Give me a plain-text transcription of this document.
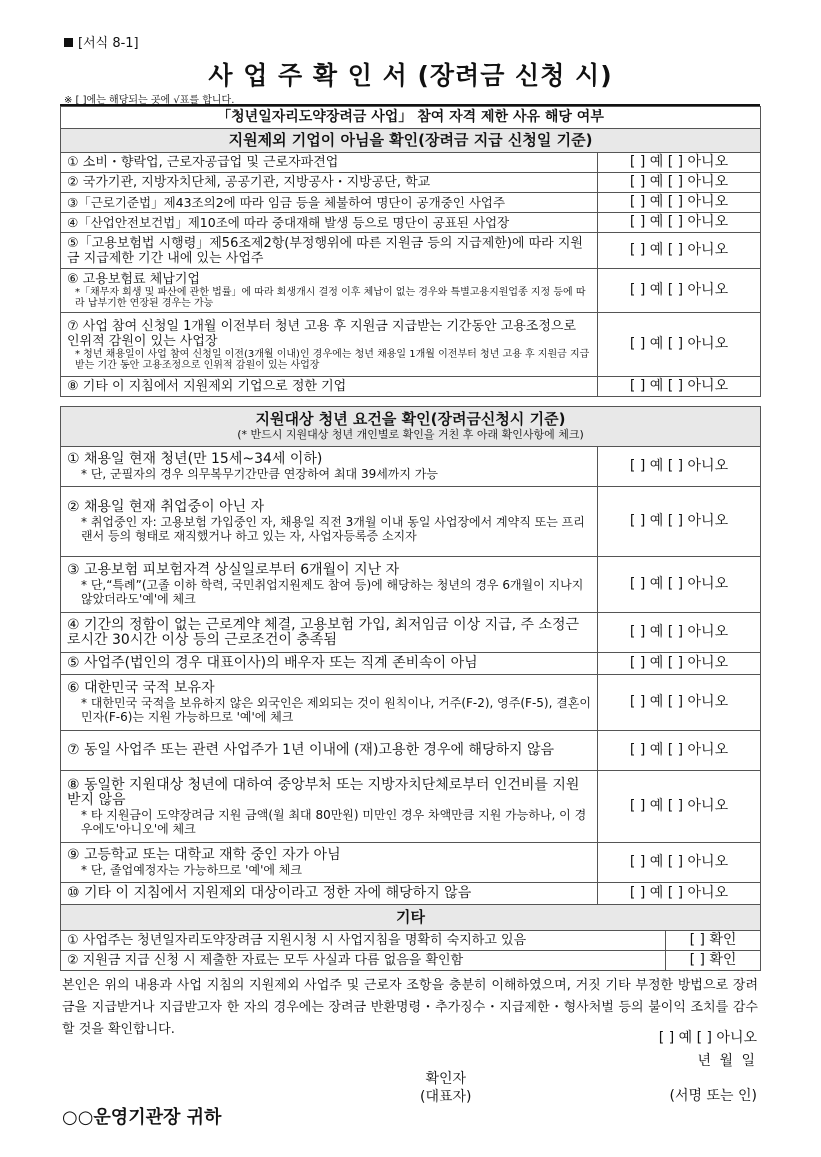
[서식 8-1]
사 업 주 확 인 서 (장려금 신청 시)
※ [ ]에는 해당되는 곳에 √표를 합니다.
「청년일자리도약장려금 사업」 참여 자격 제한 사유 해당 여부	
지원제외 기업이 아님을 확인(장려금 지급 신청일 기준)	
① 소비・향락업, 근로자공급업 및 근로자파견업	[ ] 예 [ ] 아니오
② 국가기관, 지방자치단체, 공공기관, 지방공사・지방공단, 학교	[ ] 예 [ ] 아니오
③「근로기준법」제43조의2에 따라 임금 등을 체불하여 명단이 공개중인 사업주	[ ] 예 [ ] 아니오
④「산업안전보건법」제10조에 따라 중대재해 발생 등으로 명단이 공표된 사업장	[ ] 예 [ ] 아니오
⑤「고용보험법 시행령」제56조제2항(부정행위에 따른 지원금 등의 지급제한)에 따라 지원금 지급제한 기간 내에 있는 사업주	[ ] 예 [ ] 아니오
⑥ 고용보험료 체납기업
*「채무자 회생 및 파산에 관한 법률」에 따라 회생개시 결정 이후 체납이 없는 경우와 특별고용지원업종 지정 등에 따라 납부기한 연장된 경우는 가능	[ ] 예 [ ] 아니오
⑦ 사업 참여 신청일 1개월 이전부터 청년 고용 후 지원금 지급받는 기간동안 고용조정으로 인위적 감원이 있는 사업장
* 청년 채용일이 사업 참여 신청일 이전(3개월 이내)인 경우에는 청년 채용일 1개월 이전부터 청년 고용 후 지원금 지급받는 기간 동안 고용조정으로 인위적 감원이 있는 사업장	[ ] 예 [ ] 아니오
⑧ 기타 이 지침에서 지원제외 기업으로 정한 기업	[ ] 예 [ ] 아니오
지원대상 청년 요건을 확인(장려금신청시 기준)
(* 반드시 지원대상 청년 개인별로 확인을 거친 후 아래 확인사항에 체크)	

① 채용일 현재 청년(만 15세~34세 이하)
* 단, 군필자의 경우 의무복무기간만큼 연장하여 최대 39세까지 가능	[ ] 예 [ ] 아니오
② 채용일 현재 취업중이 아닌 자
* 취업중인 자: 고용보험 가입중인 자, 채용일 직전 3개월 이내 동일 사업장에서 계약직 또는 프리랜서 등의 형태로 재직했거나 하고 있는 자, 사업자등록증 소지자	[ ] 예 [ ] 아니오
③ 고용보험 피보험자격 상실일로부터 6개월이 지난 자
* 단,“특례”(고졸 이하 학력, 국민취업지원제도 참여 등)에 해당하는 청년의 경우 6개월이 지나지 않았더라도'예'에 체크	[ ] 예 [ ] 아니오
④ 기간의 정함이 없는 근로계약 체결, 고용보험 가입, 최저임금 이상 지급, 주 소정근로시간 30시간 이상 등의 근로조건이 충족됨	[ ] 예 [ ] 아니오
⑤ 사업주(법인의 경우 대표이사)의 배우자 또는 직계 존비속이 아님	[ ] 예 [ ] 아니오
⑥ 대한민국 국적 보유자
* 대한민국 국적을 보유하지 않은 외국인은 제외되는 것이 원칙이나, 거주(F-2), 영주(F-5), 결혼이민자(F-6)는 지원 가능하므로 '예'에 체크	[ ] 예 [ ] 아니오
⑦ 동일 사업주 또는 관련 사업주가 1년 이내에 (재)고용한 경우에 해당하지 않음	[ ] 예 [ ] 아니오
⑧ 동일한 지원대상 청년에 대하여 중앙부처 또는 지방자치단체로부터 인건비를 지원받지 않음
* 타 지원금이 도약장려금 지원 금액(월 최대 80만원) 미만인 경우 차액만큼 지원 가능하나, 이 경우에도'아니오'에 체크	[ ] 예 [ ] 아니오
⑨ 고등학교 또는 대학교 재학 중인 자가 아님
* 단, 졸업예정자는 가능하므로 '예'에 체크	[ ] 예 [ ] 아니오
⑩ 기타 이 지침에서 지원제외 대상이라고 정한 자에 해당하지 않음	[ ] 예 [ ] 아니오
기타	
① 사업주는 청년일자리도약장려금 지원시청 시 사업지침을 명확히 숙지하고 있음	[ ] 확인
② 지원금 지급 신청 시 제출한 자료는 모두 사실과 다름 없음을 확인함	[ ] 확인
본인은 위의 내용과 사업 지침의 지원제외 사업주 및 근로자 조항을 충분히 이해하였으며, 거짓 기타 부정한 방법으로 장려금을 지급받거나 지급받고자 한 자의 경우에는 장려금 반환명령・추가징수・지급제한・형사처벌 등의 불이익 조치를 감수할 것을 확인합니다.
[ ] 예 [ ] 아니오
년 월 일
확인자
(대표자)	(서명 또는 인)
○○운영기관장 귀하
